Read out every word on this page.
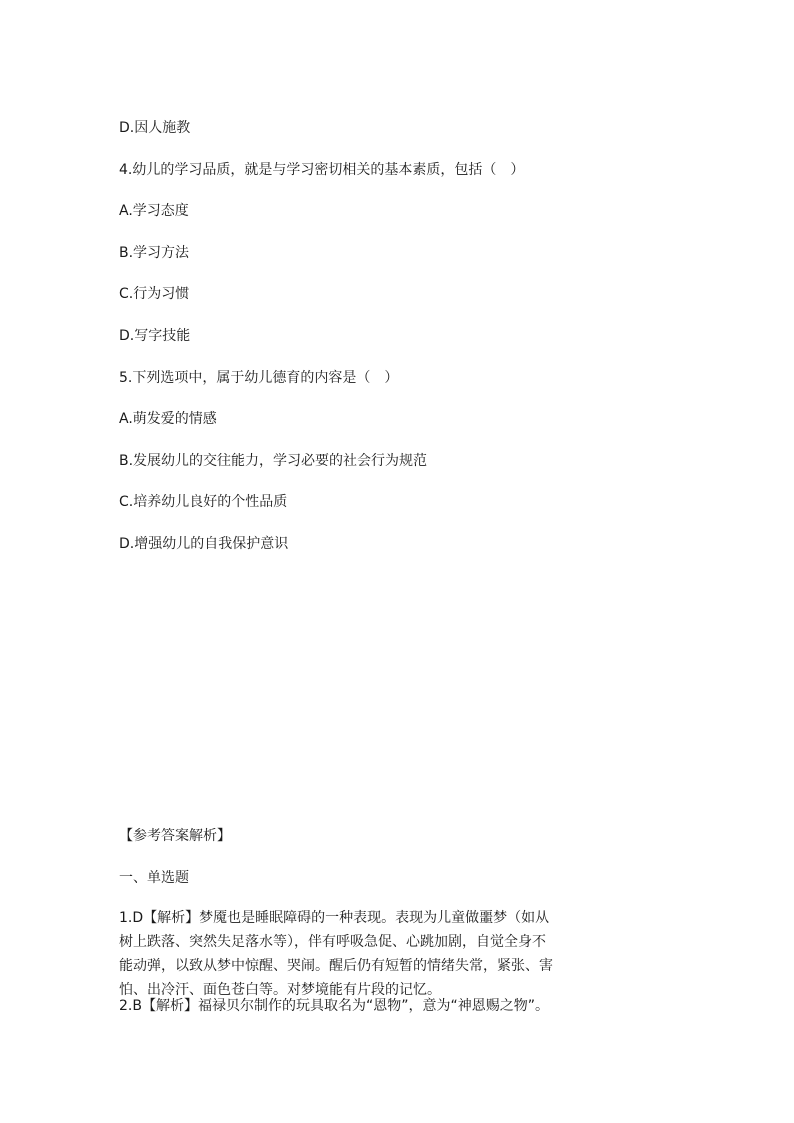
D.因人施教
4.幼儿的学习品质，就是与学习密切相关的基本素质，包括（　）
A.学习态度
B.学习方法
C.行为习惯
D.写字技能
5.下列选项中，属于幼儿德育的内容是（　）
A.萌发爱的情感
B.发展幼儿的交往能力，学习必要的社会行为规范
C.培养幼儿良好的个性品质
D.增强幼儿的自我保护意识
【参考答案解析】
一、单选题
1.D【解析】梦魇也是睡眠障碍的一种表现。表现为儿童做噩梦（如从树上跌落、突然失足落水等），伴有呼吸急促、心跳加剧，自觉全身不能动弹，以致从梦中惊醒、哭闹。醒后仍有短暂的情绪失常，紧张、害怕、出冷汗、面色苍白等。对梦境能有片段的记忆。
2.B【解析】福禄贝尔制作的玩具取名为“恩物”，意为“神恩赐之物”。
